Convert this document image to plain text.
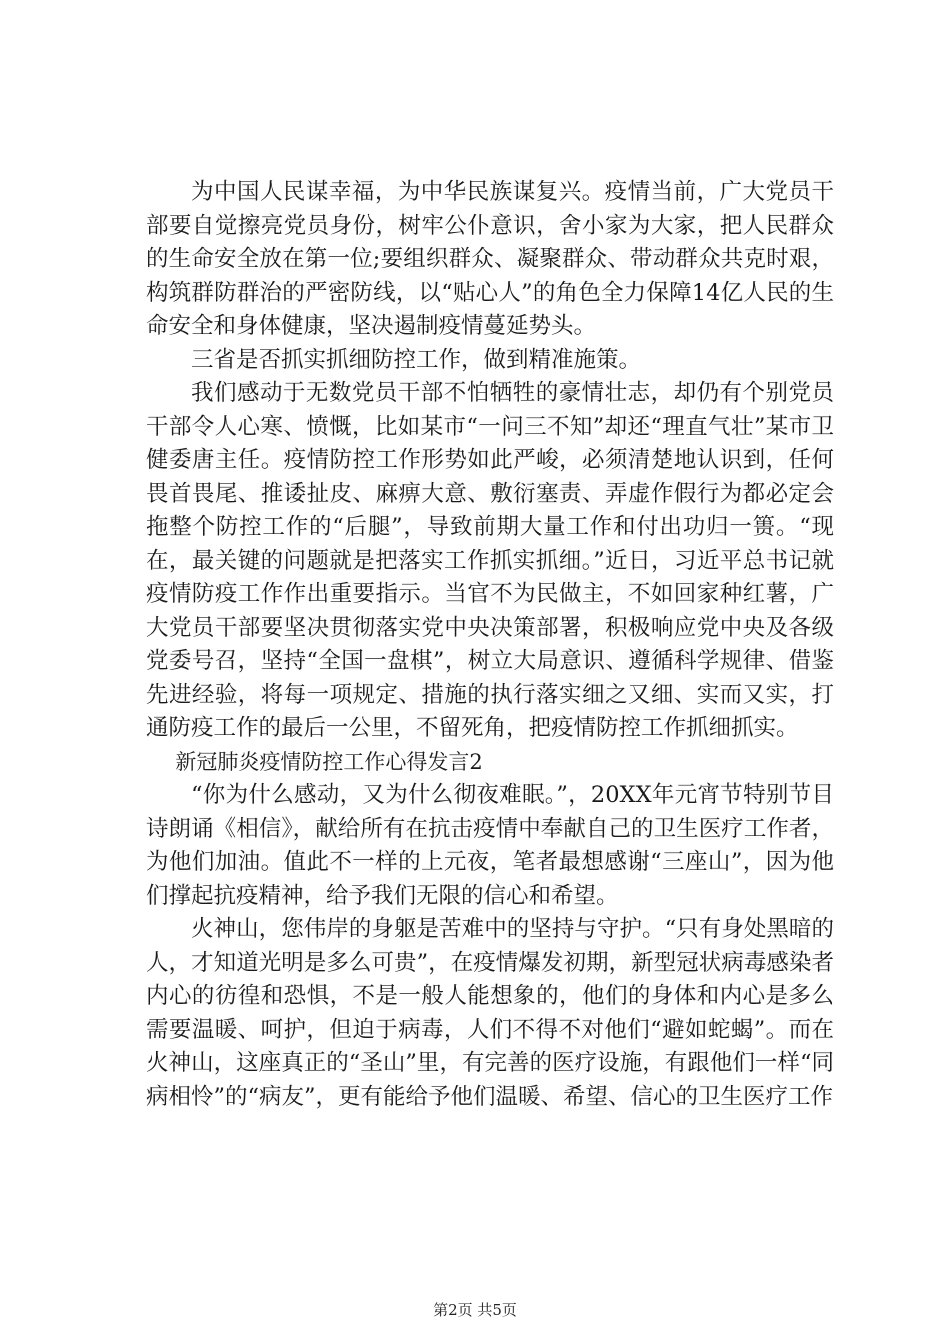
为中国人民谋幸福，为中华民族谋复兴。疫情当前，广大党员干部要自觉擦亮党员身份，树牢公仆意识，舍小家为大家，把人民群众的生命安全放在第一位;要组织群众、凝聚群众、带动群众共克时艰，构筑群防群治的严密防线，以“贴心人”的角色全力保障14亿人民的生命安全和身体健康，坚决遏制疫情蔓延势头。

三省是否抓实抓细防控工作，做到精准施策。

我们感动于无数党员干部不怕牺牲的豪情壮志，却仍有个别党员干部令人心寒、愤慨，比如某市“一问三不知”却还“理直气壮”某市卫健委唐主任。疫情防控工作形势如此严峻，必须清楚地认识到，任何畏首畏尾、推诿扯皮、麻痹大意、敷衍塞责、弄虚作假行为都必定会拖整个防控工作的“后腿”，导致前期大量工作和付出功归一篑。“现在，最关键的问题就是把落实工作抓实抓细。”近日，习近平总书记就疫情防疫工作作出重要指示。当官不为民做主，不如回家种红薯，广大党员干部要坚决贯彻落实党中央决策部署，积极响应党中央及各级党委号召，坚持“全国一盘棋”，树立大局意识、遵循科学规律、借鉴先进经验，将每一项规定、措施的执行落实细之又细、实而又实，打通防疫工作的最后一公里，不留死角，把疫情防控工作抓细抓实。

新冠肺炎疫情防控工作心得发言2

“你为什么感动，又为什么彻夜难眠。”，20XX年元宵节特别节目诗朗诵《相信》，献给所有在抗击疫情中奉献自己的卫生医疗工作者，为他们加油。值此不一样的上元夜，笔者最想感谢“三座山”，因为他们撑起抗疫精神，给予我们无限的信心和希望。

火神山，您伟岸的身躯是苦难中的坚持与守护。“只有身处黑暗的人，才知道光明是多么可贵”，在疫情爆发初期，新型冠状病毒感染者内心的彷徨和恐惧，不是一般人能想象的，他们的身体和内心是多么需要温暖、呵护，但迫于病毒，人们不得不对他们“避如蛇蝎”。而在火神山，这座真正的“圣山”里，有完善的医疗设施，有跟他们一样“同病相怜”的“病友”，更有能给予他们温暖、希望、信心的卫生医疗工作

第2页 共5页
